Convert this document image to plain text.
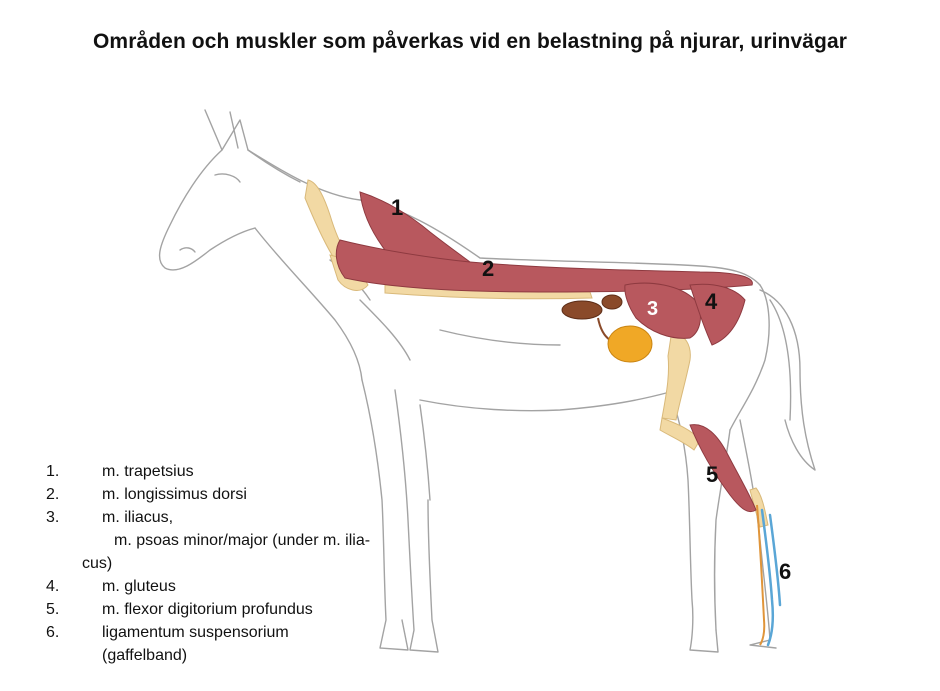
Områden och muskler som påverkas vid en belastning på njurar, urinvägar
1
2
3 4
5
6
1.	m. trapetsius
2.	m. longissimus dorsi
3.	m. iliacus,
m. psoas minor/major (under m. ilia-
cus)
4.	m. gluteus
5.	m. flexor digitorium profundus
6.	ligamentum suspensorium
(gaffelband)
